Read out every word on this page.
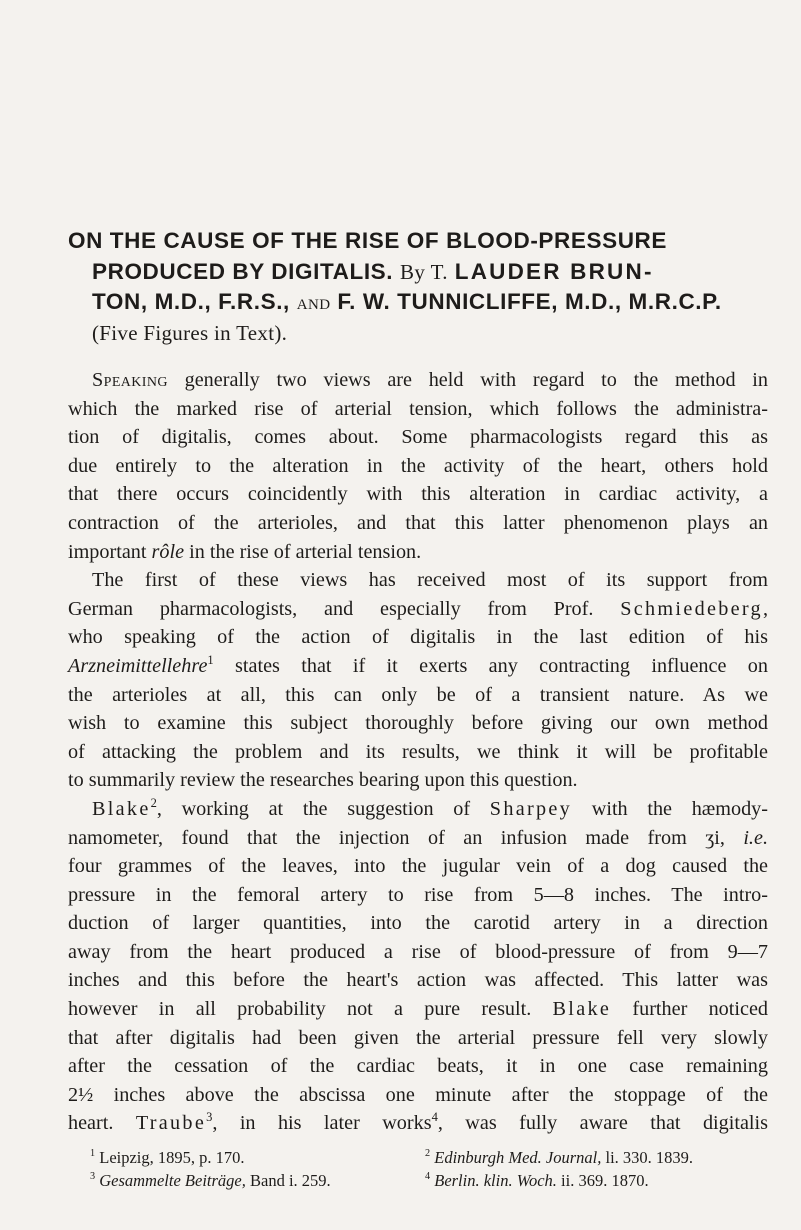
ON THE CAUSE OF THE RISE OF BLOOD-PRESSURE
PRODUCED BY DIGITALIS. By T. LAUDER BRUN-
TON, M.D., F.R.S., and F. W. TUNNICLIFFE, M.D., M.R.C.P.
(Five Figures in Text).
Speaking generally two views are held with regard to the method in
which the marked rise of arterial tension, which follows the administra-
tion of digitalis, comes about. Some pharmacologists regard this as
due entirely to the alteration in the activity of the heart, others hold
that there occurs coincidently with this alteration in cardiac activity, a
contraction of the arterioles, and that this latter phenomenon plays an
important rôle in the rise of arterial tension.
The first of these views has received most of its support from
German pharmacologists, and especially from Prof. Schmiedeberg,
who speaking of the action of digitalis in the last edition of his
Arzneimittellehre$^1$ states that if it exerts any contracting influence on
the arterioles at all, this can only be of a transient nature. As we
wish to examine this subject thoroughly before giving our own method
of attacking the problem and its results, we think it will be profitable
to summarily review the researches bearing upon this question.
Blake$^2$, working at the suggestion of Sharpey with the hæmody-
namometer, found that the injection of an infusion made from ʒi, i.e.
four grammes of the leaves, into the jugular vein of a dog caused the
pressure in the femoral artery to rise from 5—8 inches. The intro-
duction of larger quantities, into the carotid artery in a direction
away from the heart produced a rise of blood-pressure of from 9—7
inches and this before the heart's action was affected. This latter was
however in all probability not a pure result. Blake further noticed
that after digitalis had been given the arterial pressure fell very slowly
after the cessation of the cardiac beats, it in one case remaining
2½ inches above the abscissa one minute after the stoppage of the
heart. Traube$^3$, in his later works$^4$, was fully aware that digitalis
$^1$ Leipzig, 1895, p. 170.	$^2$ Edinburgh Med. Journal, li. 330. 1839.
$^3$ Gesammelte Beiträge, Band i. 259.	$^4$ Berlin. klin. Woch. ii. 369. 1870.
